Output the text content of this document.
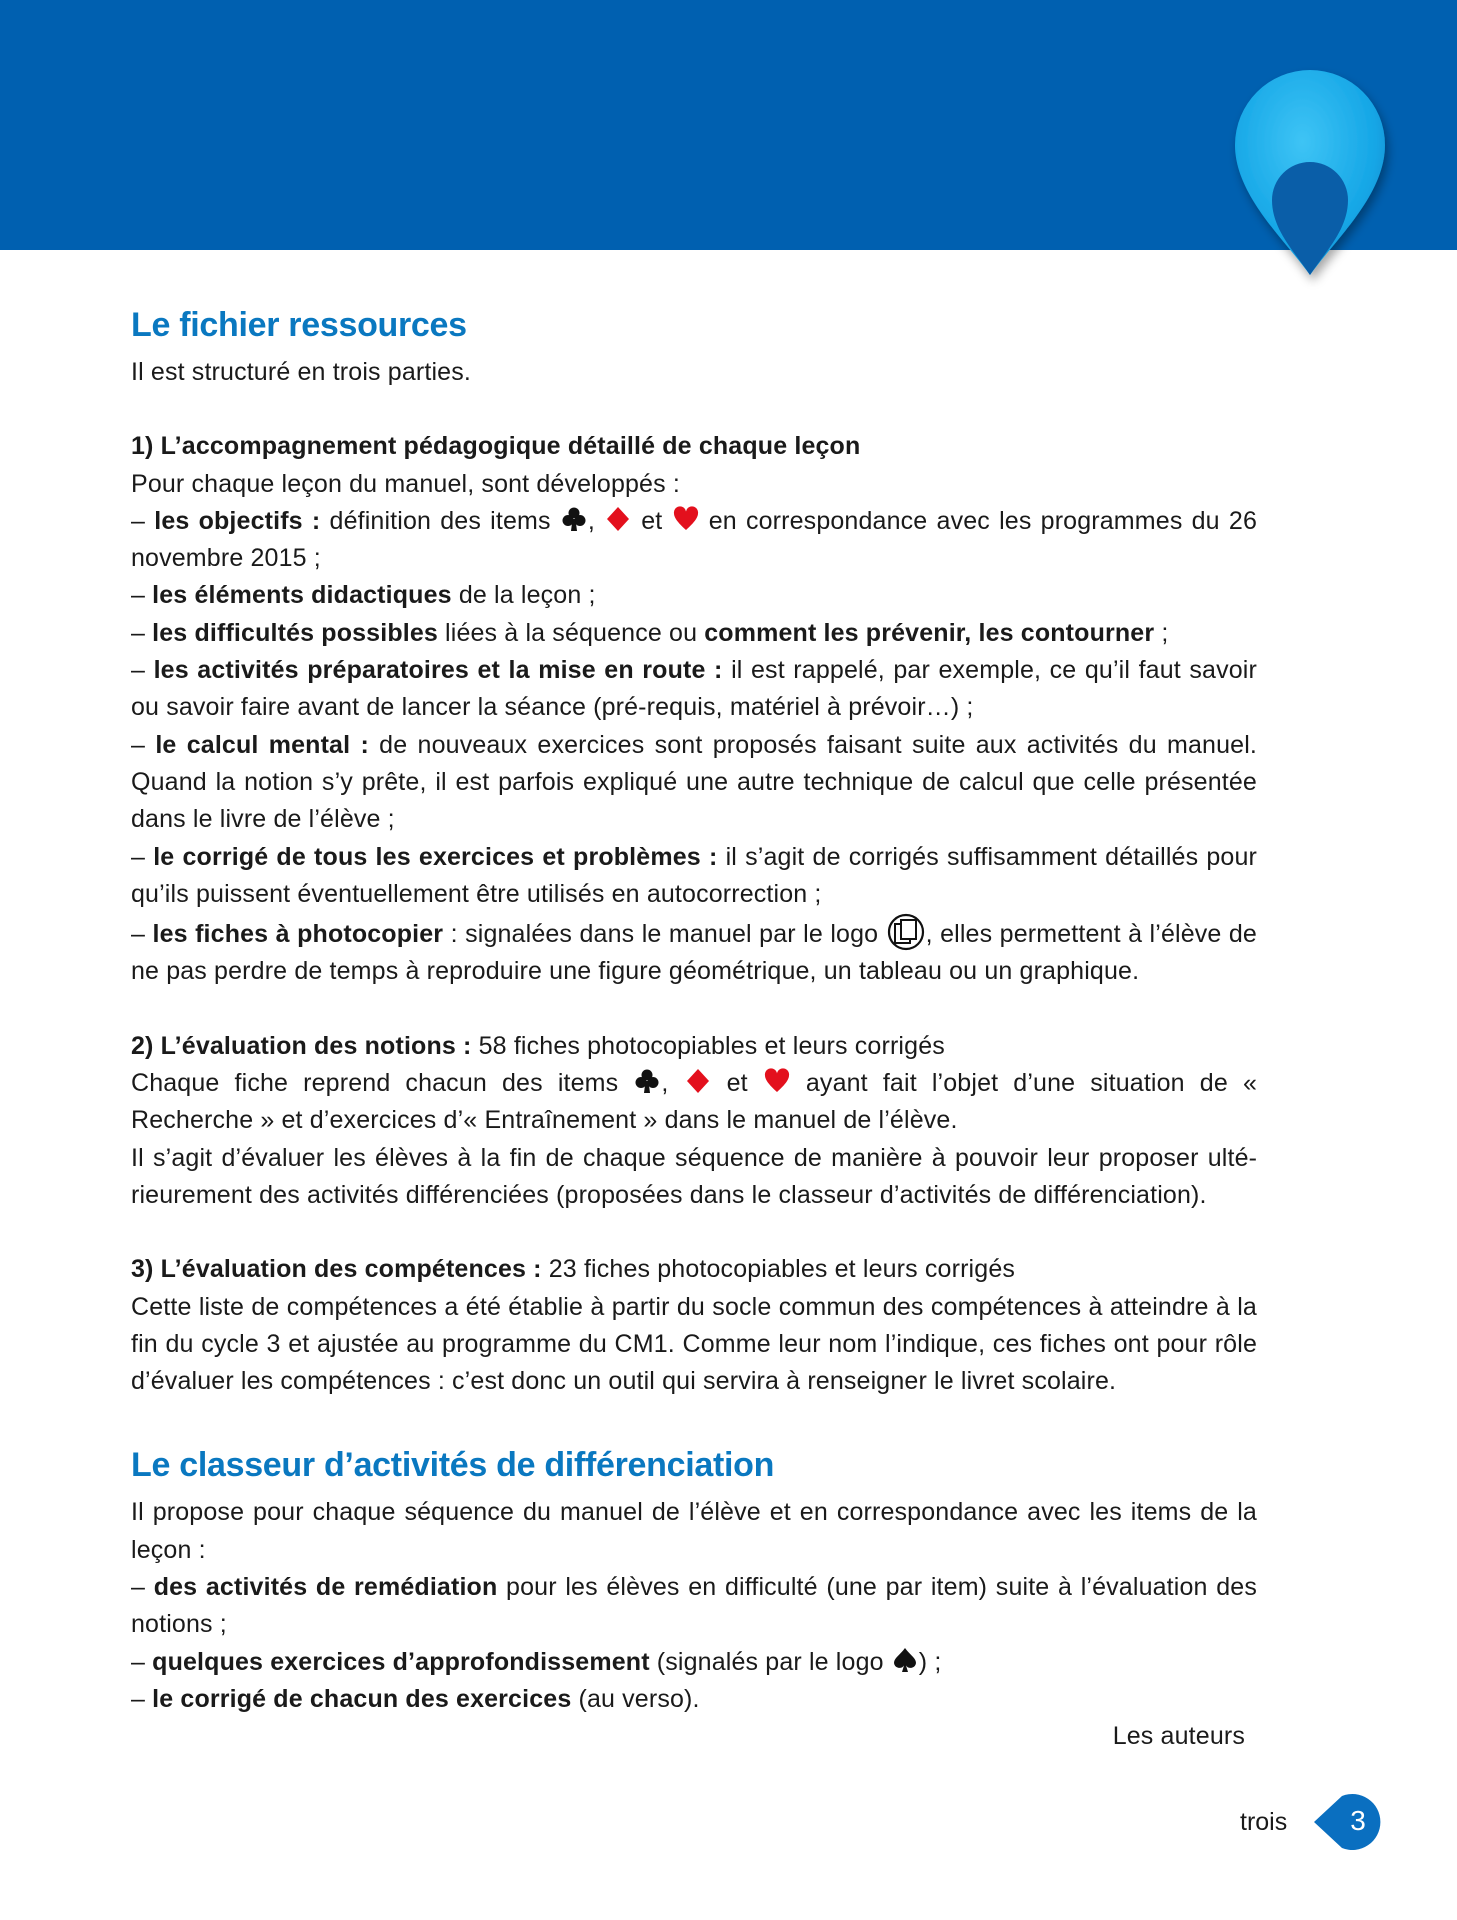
Le fichier ressources

Il est structuré en trois parties.

1) L’accompagnement pédagogique détaillé de chaque leçon

Pour chaque leçon du manuel, sont développés :

– les objectifs : définition des items ,  et  en correspondance avec les programmes du 26 novembre 2015 ;

– les éléments didactiques de la leçon ;

– les difficultés possibles liées à la séquence ou comment les prévenir, les contourner ;

– les activités préparatoires et la mise en route : il est rappelé, par exemple, ce qu’il faut savoir ou savoir faire avant de lancer la séance (pré-requis, matériel à prévoir…) ;

– le calcul mental : de nouveaux exercices sont proposés faisant suite aux activités du manuel. Quand la notion s’y prête, il est parfois expliqué une autre technique de calcul que celle présentée dans le livre de l’élève ;

– le corrigé de tous les exercices et problèmes : il s’agit de corrigés suffisamment détaillés pour qu’ils puissent éventuellement être utilisés en autocorrection ;

– les fiches à photocopier : signalées dans le manuel par le logo , elles permettent à l’élève de ne pas perdre de temps à reproduire une figure géométrique, un tableau ou un graphique.

2) L’évaluation des notions : 58 fiches photocopiables et leurs corrigés

Chaque fiche reprend chacun des items ,  et  ayant fait l’objet d’une situation de « Recherche » et d’exercices d’« Entraînement » dans le manuel de l’élève.

Il s’agit d’évaluer les élèves à la fin de chaque séquence de manière à pouvoir leur proposer ultérieurement des activités différenciées (proposées dans le classeur d’activités de différenciation).

3) L’évaluation des compétences : 23 fiches photocopiables et leurs corrigés

Cette liste de compétences a été établie à partir du socle commun des compétences à atteindre à la fin du cycle 3 et ajustée au programme du CM1. Comme leur nom l’indique, ces fiches ont pour rôle d’évaluer les compétences : c’est donc un outil qui servira à renseigner le livret scolaire.

Le classeur d’activités de différenciation

Il propose pour chaque séquence du manuel de l’élève et en correspondance avec les items de la leçon :

– des activités de remédiation pour les élèves en difficulté (une par item) suite à l’évaluation des notions ;

– quelques exercices d’approfondissement (signalés par le logo ) ;

– le corrigé de chacun des exercices (au verso).

Les auteurs

trois	3
